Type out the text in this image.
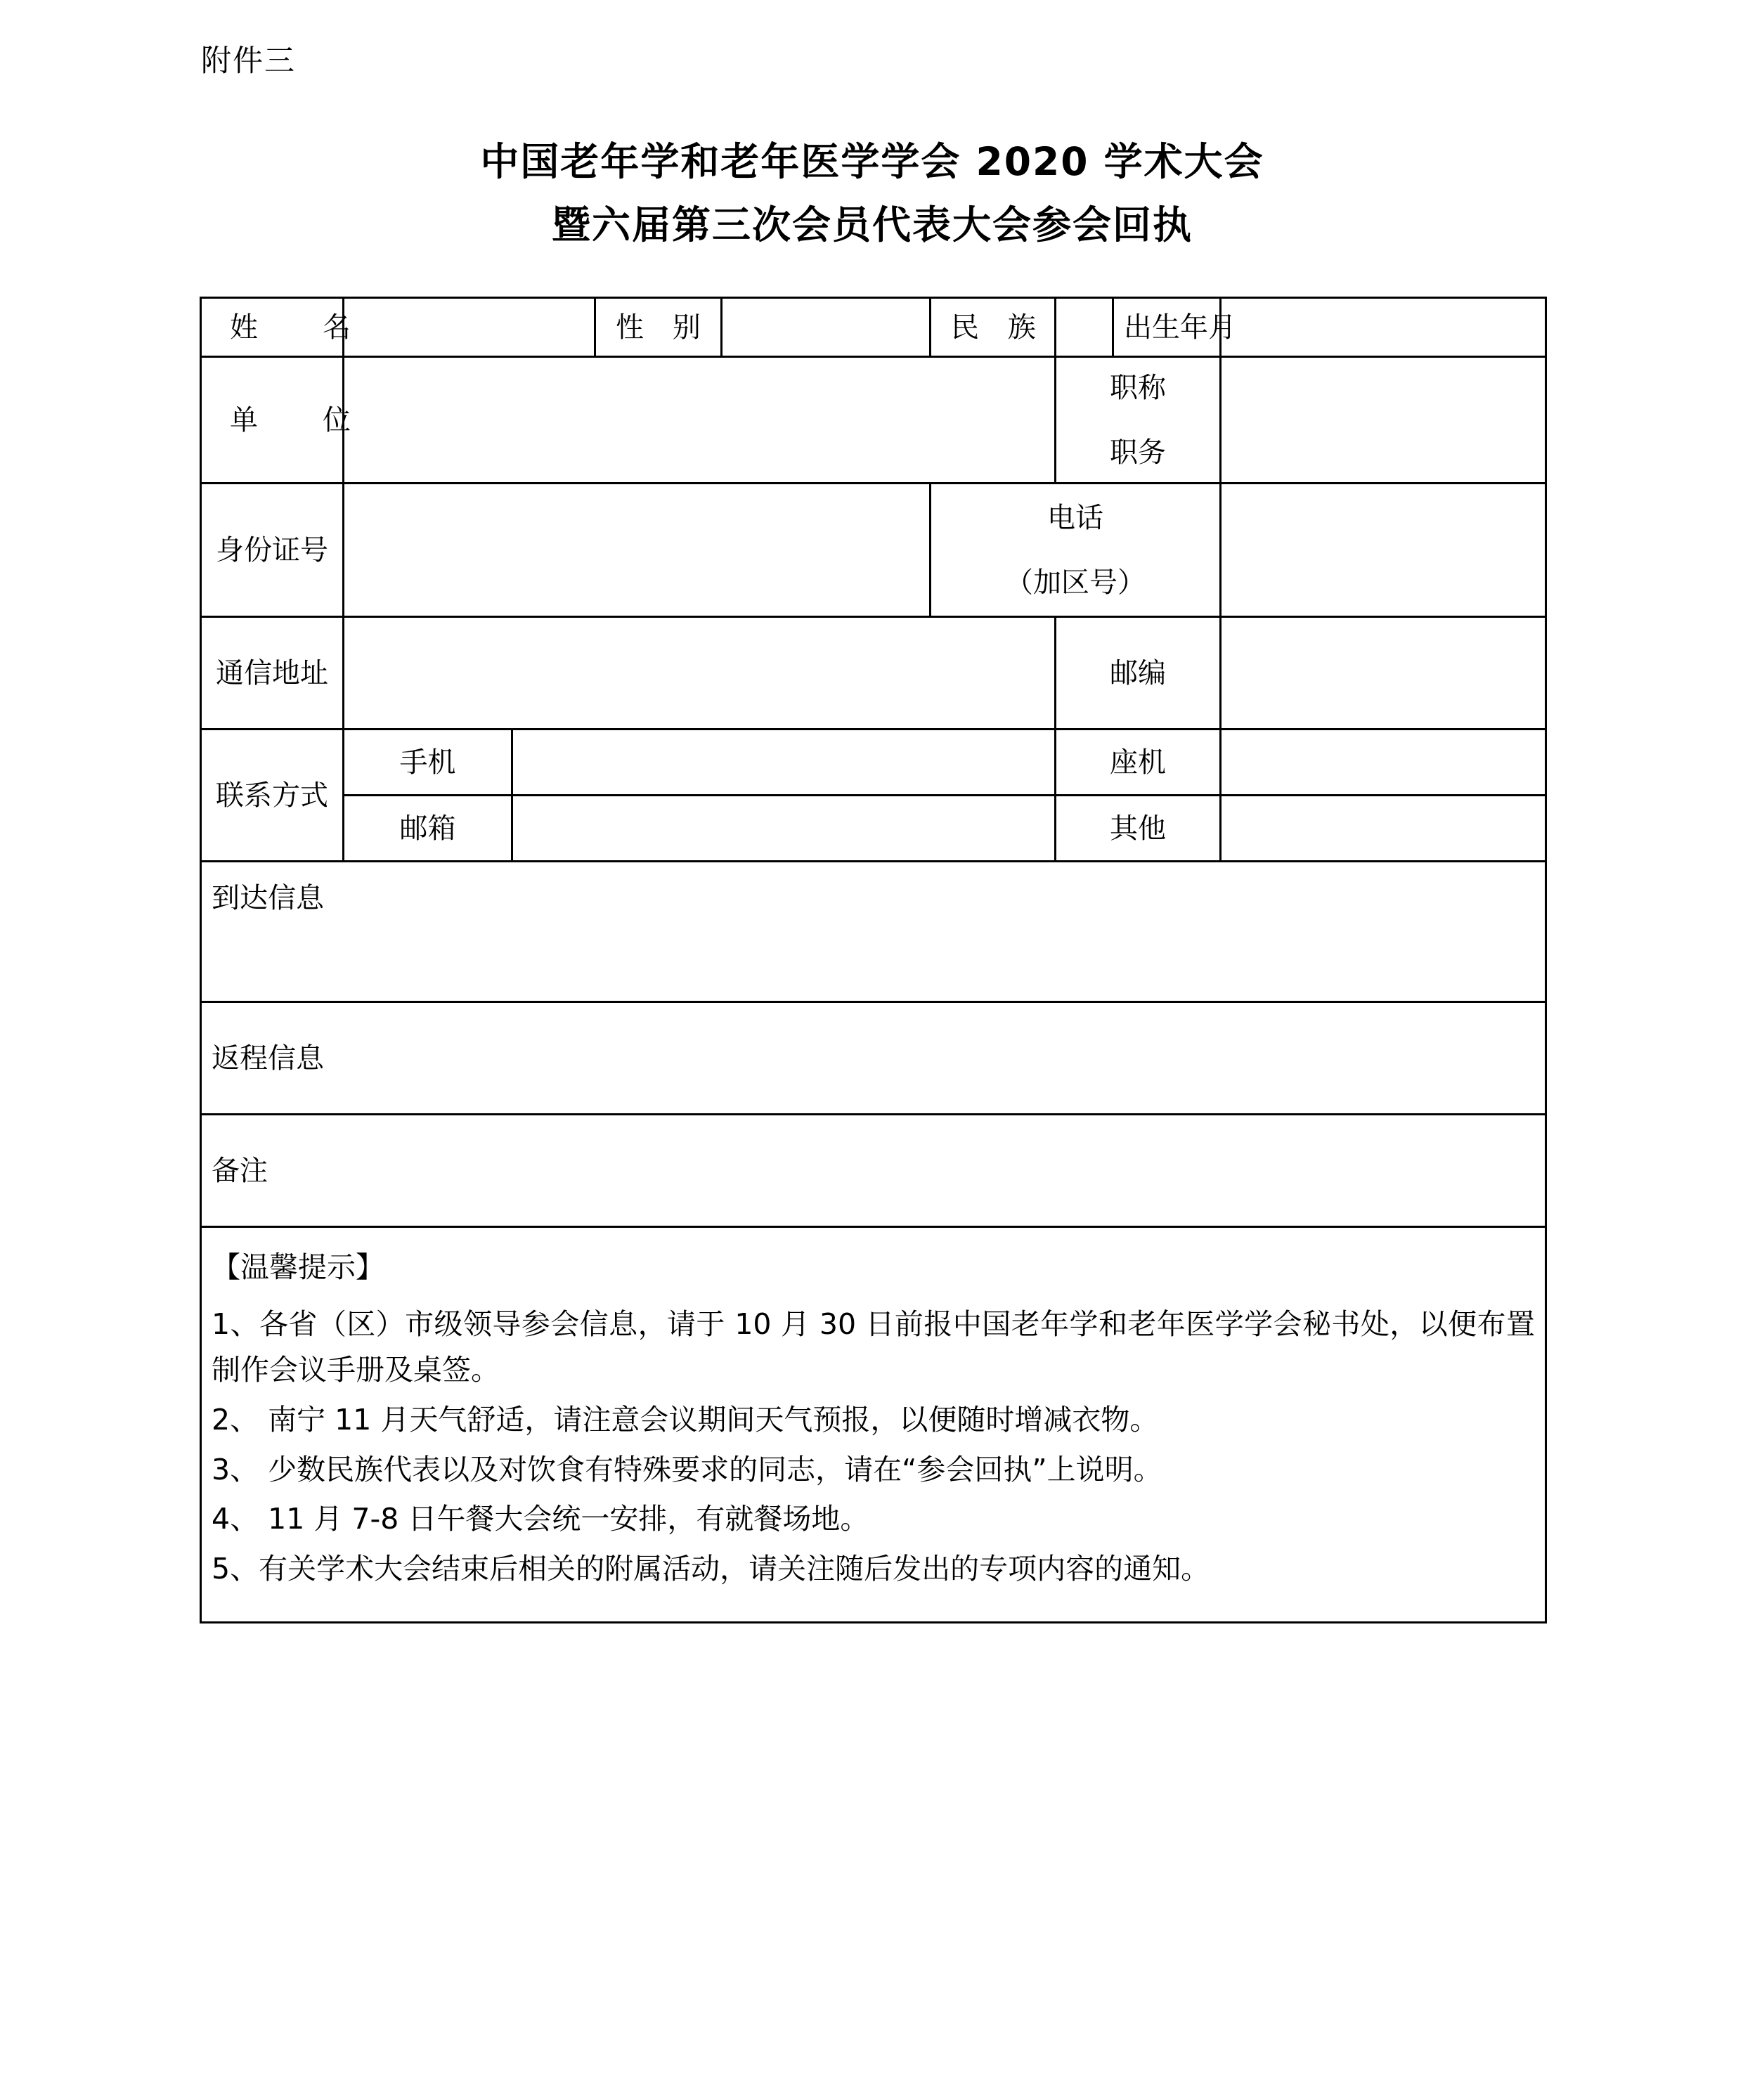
附件三
中国老年学和老年医学学会 2020 学术大会
暨六届第三次会员代表大会参会回执
姓　名			性 别		民 族		出生年月	
单　位						职称
职务		

身份证号					电话
（加区号）			

通信地址						邮编		
联系方式	手机					座机		
	邮箱					其他		
到达信息								
返程信息								
备注								

【温馨提示】

1、各省（区）市级领导参会信息，请于 10 月 30 日前报中国老年学和老年医学学会秘书处，以便布置制作会议手册及桌签。

2、 南宁 11 月天气舒适，请注意会议期间天气预报，以便随时增减衣物。

3、 少数民族代表以及对饮食有特殊要求的同志，请在“参会回执”上说明。

4、 11 月 7-8 日午餐大会统一安排，有就餐场地。

5、有关学术大会结束后相关的附属活动，请关注随后发出的专项内容的通知。
